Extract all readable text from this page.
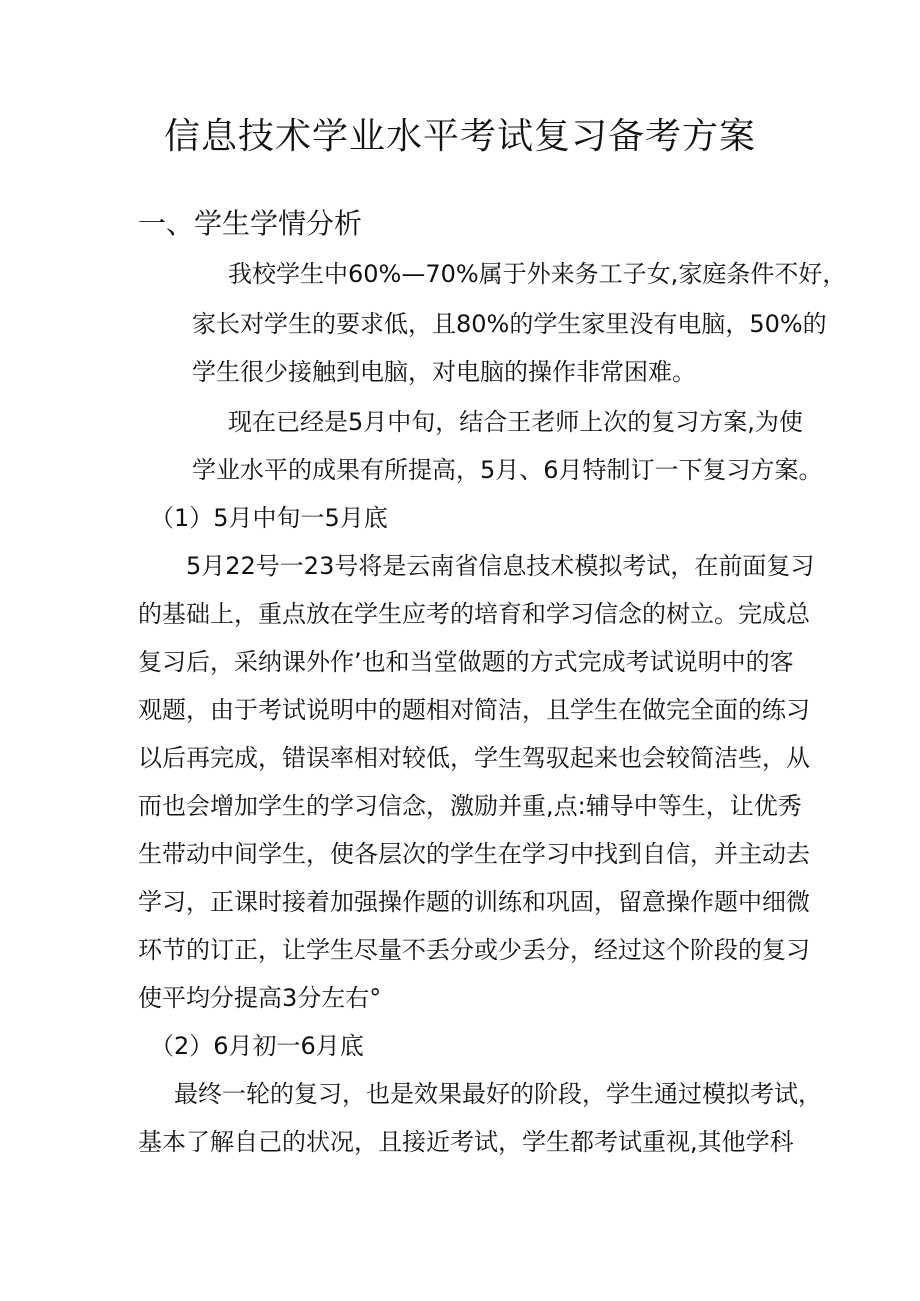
信息技术学业水平考试复习备考方案
一、学生学情分析
我校学生中60%—70%属于外来务工子女,家庭条件不好，
家长对学生的要求低，且80%的学生家里没有电脑，50%的
学生很少接触到电脑，对电脑的操作非常困难。
现在已经是5月中旬，结合王老师上次的复习方案,为使
学业水平的成果有所提高，5月、6月特制订一下复习方案。
（1）5月中旬一5月底
5月22号一23号将是云南省信息技术模拟考试，在前面复习
的基础上，重点放在学生应考的培育和学习信念的树立。完成总
复习后，采纳课外作’也和当堂做题的方式完成考试说明中的客
观题，由于考试说明中的题相对简洁，且学生在做完全面的练习
以后再完成，错误率相对较低，学生驾驭起来也会较简洁些，从
而也会增加学生的学习信念，激励并重,点:辅导中等生，让优秀
生带动中间学生，使各层次的学生在学习中找到自信，并主动去
学习，正课时接着加强操作题的训练和巩固，留意操作题中细微
环节的订正，让学生尽量不丢分或少丢分，经过这个阶段的复习
使平均分提高3分左右°
（2）6月初一6月底
最终一轮的复习，也是效果最好的阶段，学生通过模拟考试，
基本了解自己的状况，且接近考试，学生都考试重视,其他学科
